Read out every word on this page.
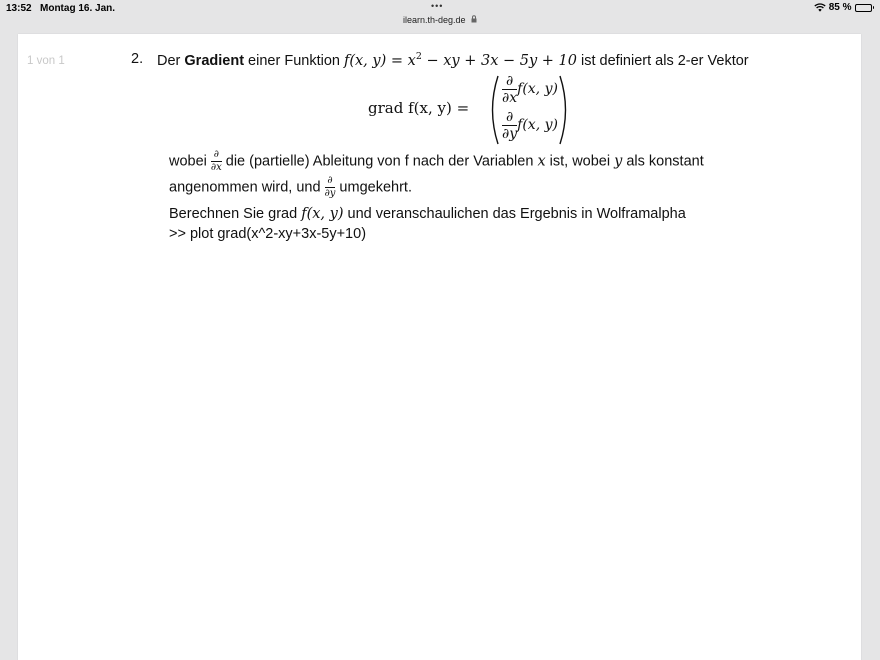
13:52 Montag 16. Jan.	•••	85 %
ilearn.th-deg.de
1 von 1	2. Der Gradient einer Funktion f(x, $y) = x^2$ − xy + 3x − 5y + 10 ist definiert als 2-er Vektor
grad f(x, y) =
$\frac{\partial}{\partial x} f(x$, y)
$\frac{\partial}{\partial y} f(x$, y)
wobei $\frac{\partial}{\partial x}$ die (partielle) Ableitung von f nach der Variablen x ist, wobei y als konstant
angenommen wird, und $\frac{\partial}{\partial y}$ umgekehrt.
Berechnen Sie grad f(x, y) und veranschaulichen das Ergebnis in Wolframalpha
>> plot grad(x^2-xy+3x-5y+10)
